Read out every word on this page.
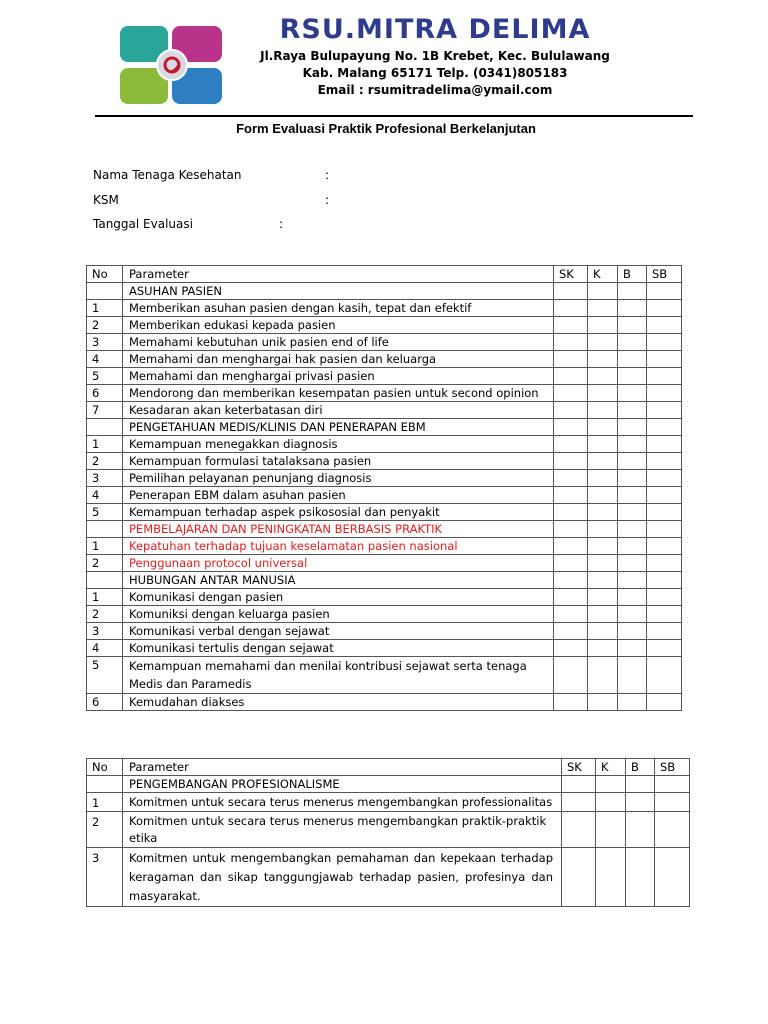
RSU.MITRA DELIMA
Jl.Raya Bulupayung No. 1B Krebet, Kec. Bululawang
Kab. Malang 65171 Telp. (0341)805183
Email : rsumitradelima@ymail.com
Form Evaluasi Praktik Profesional Berkelanjutan
Nama Tenaga Kesehatan	:
KSM	:
Tanggal Evaluasi	:
No	Parameter	SK	K	B	SB
	ASUHAN PASIEN				
1	Memberikan asuhan pasien dengan kasih, tepat dan efektif				
2	Memberikan edukasi kepada pasien				
3	Memahami kebutuhan unik pasien end of life				
4	Memahami dan menghargai hak pasien dan keluarga				
5	Memahami dan menghargai privasi pasien				
6	Mendorong dan memberikan kesempatan pasien untuk second opinion				
7	Kesadaran akan keterbatasan diri				
	PENGETAHUAN MEDIS/KLINIS DAN PENERAPAN EBM				
1	Kemampuan menegakkan diagnosis				
2	Kemampuan formulasi tatalaksana pasien				
3	Pemilihan pelayanan penunjang diagnosis				
4	Penerapan EBM dalam asuhan pasien				
5	Kemampuan terhadap aspek psikososial dan penyakit				
	PEMBELAJARAN DAN PENINGKATAN BERBASIS PRAKTIK				
1	Kepatuhan terhadap tujuan keselamatan pasien nasional				
2	Penggunaan protocol universal				
	HUBUNGAN ANTAR MANUSIA				
1	Komunikasi dengan pasien				
2	Komuniksi dengan keluarga pasien				
3	Komunikasi verbal dengan sejawat				
4	Komunikasi tertulis dengan sejawat				
5	Kemampuan memahami dan menilai kontribusi sejawat serta tenaga Medis dan Paramedis				
6	Kemudahan diakses				
No	Parameter	SK	K	B	SB
	PENGEMBANGAN PROFESIONALISME				
1	Komitmen untuk secara terus menerus mengembangkan professionalitas				
2	Komitmen untuk secara terus menerus mengembangkan praktik-praktik etika				
3	Komitmen untuk mengembangkan pemahaman dan kepekaan terhadap keragaman dan sikap tanggungjawab terhadap pasien, profesinya dan masyarakat.				
